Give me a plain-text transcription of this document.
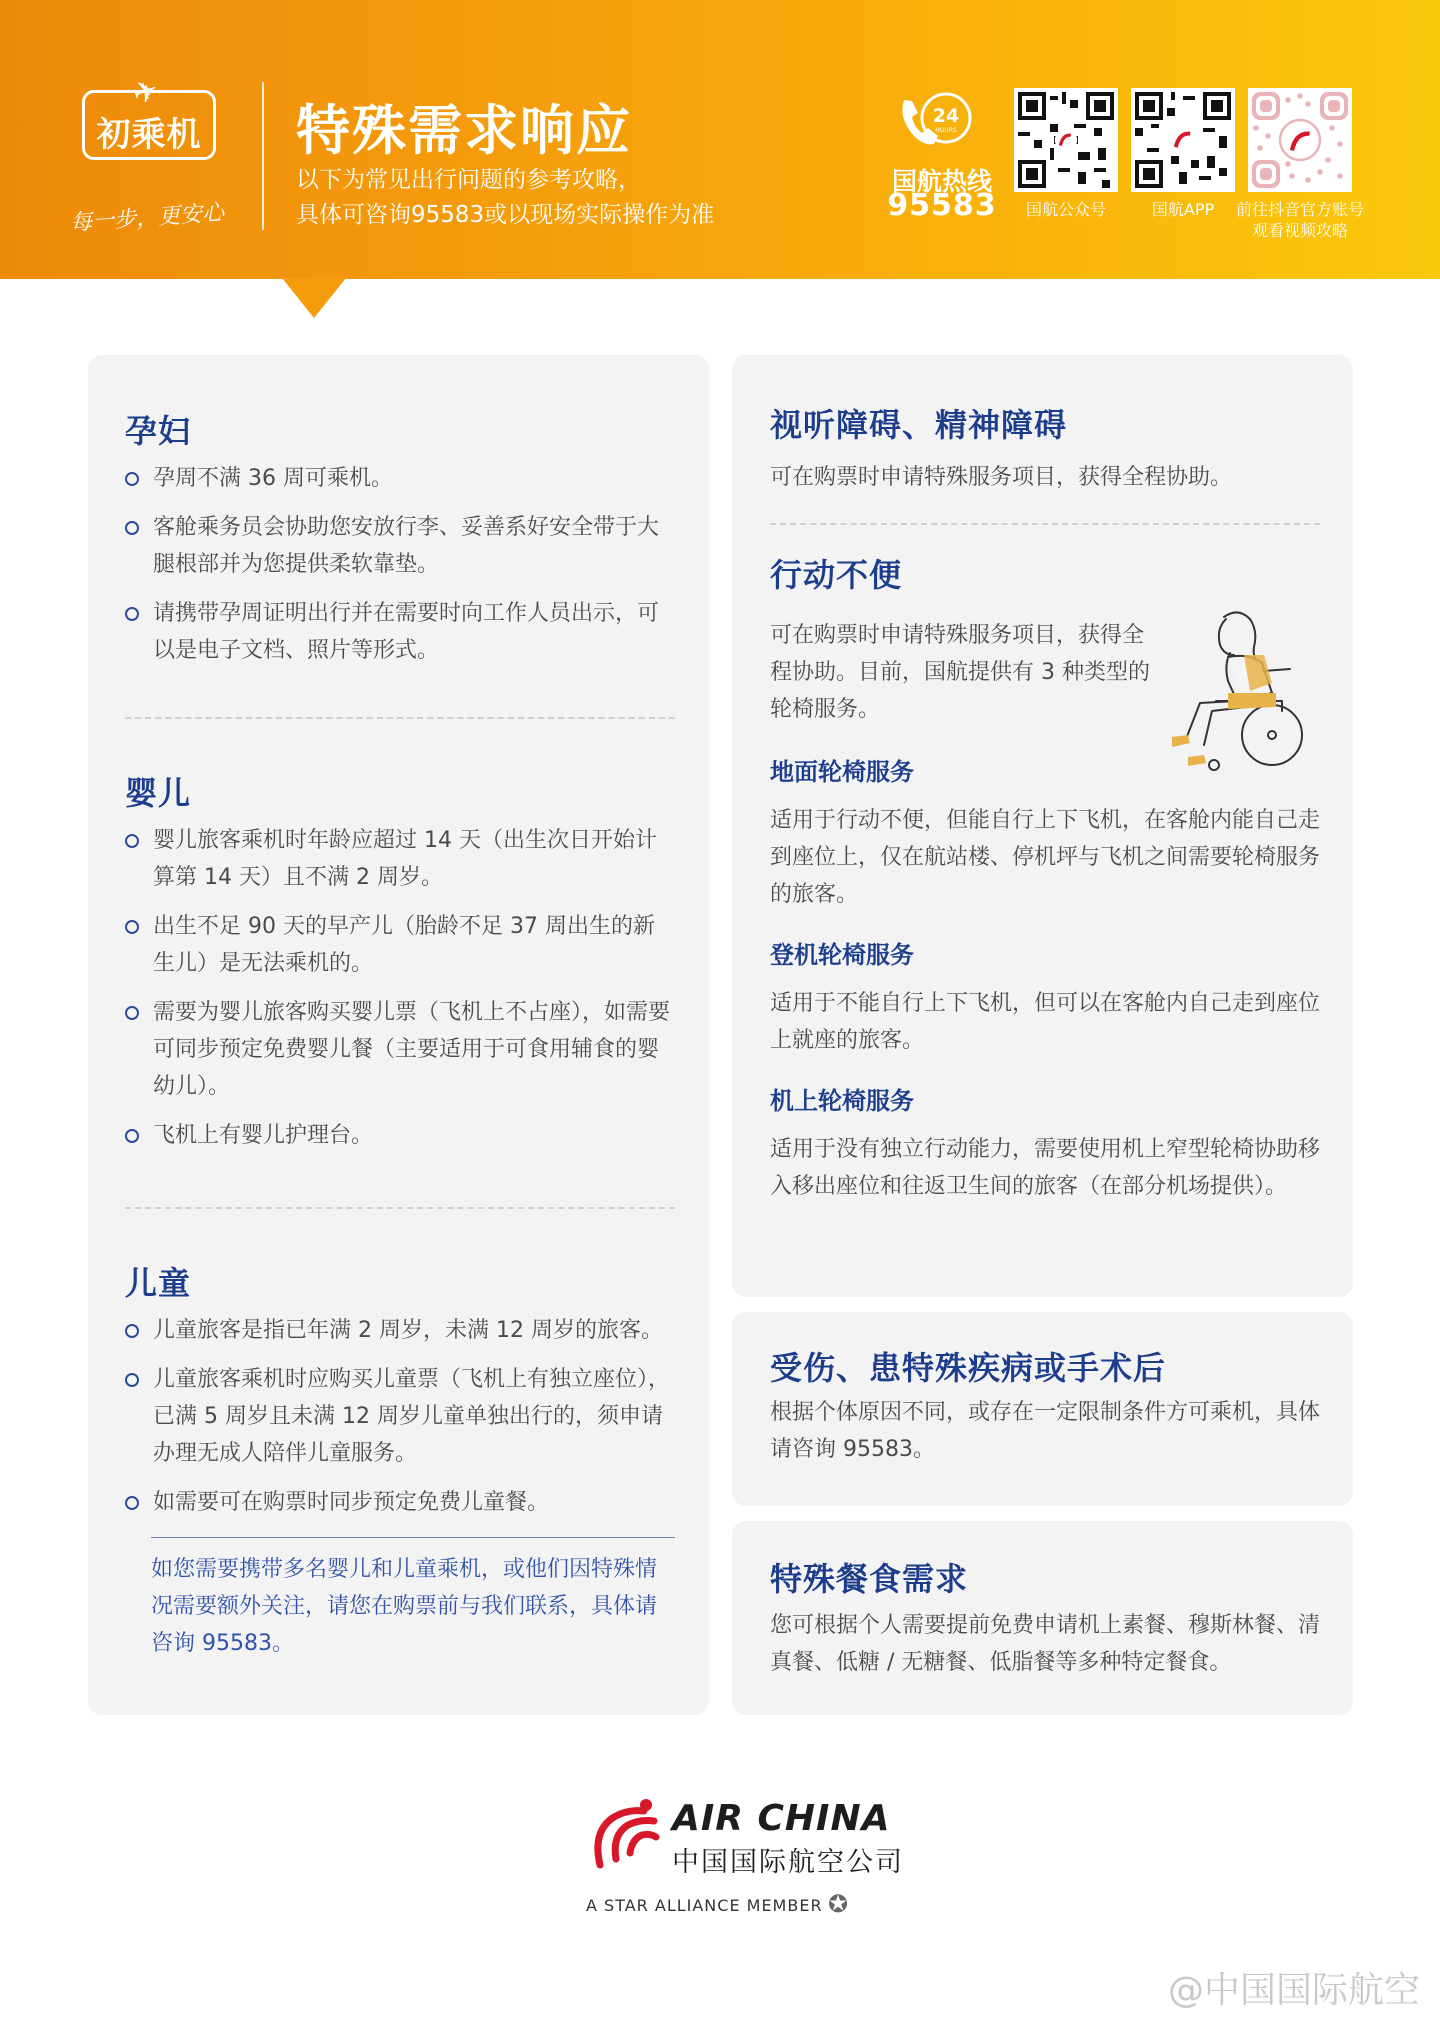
✈
初乘机
每一步，更安心
特殊需求响应
以下为常见出行问题的参考攻略，
具体可咨询95583或以现场实际操作为准
24
HOURS
国航热线
95583	国航公众号	国航APP	前往抖音官方账号
观看视频攻略
孕妇
孕周不满 36 周可乘机。
客舱乘务员会协助您安放行李、妥善系好安全带于大腿根部并为您提供柔软靠垫。
请携带孕周证明出行并在需要时向工作人员出示，可以是电子文档、照片等形式。
婴儿
婴儿旅客乘机时年龄应超过 14 天（出生次日开始计算第 14 天）且不满 2 周岁。
出生不足 90 天的早产儿（胎龄不足 37 周出生的新生儿）是无法乘机的。
需要为婴儿旅客购买婴儿票（飞机上不占座），如需要可同步预定免费婴儿餐（主要适用于可食用辅食的婴幼儿）。
飞机上有婴儿护理台。
儿童
儿童旅客是指已年满 2 周岁，未满 12 周岁的旅客。
儿童旅客乘机时应购买儿童票（飞机上有独立座位），已满 5 周岁且未满 12 周岁儿童单独出行的，须申请办理无成人陪伴儿童服务。
如需要可在购票时同步预定免费儿童餐。
如您需要携带多名婴儿和儿童乘机，或他们因特殊情况需要额外关注，请您在购票前与我们联系，具体请咨询 95583。
视听障碍、精神障碍
可在购票时申请特殊服务项目，获得全程协助。
行动不便
可在购票时申请特殊服务项目，获得全程协助。目前，国航提供有 3 种类型的轮椅服务。
地面轮椅服务
适用于行动不便，但能自行上下飞机，在客舱内能自己走到座位上，仅在航站楼、停机坪与飞机之间需要轮椅服务的旅客。
登机轮椅服务
适用于不能自行上下飞机，但可以在客舱内自己走到座位上就座的旅客。
机上轮椅服务
适用于没有独立行动能力，需要使用机上窄型轮椅协助移入移出座位和往返卫生间的旅客（在部分机场提供）。
受伤、患特殊疾病或手术后
根据个体原因不同，或存在一定限制条件方可乘机，具体请咨询 95583。
特殊餐食需求
您可根据个人需要提前免费申请机上素餐、穆斯林餐、清真餐、低糖 / 无糖餐、低脂餐等多种特定餐食。
AIR CHINA
中国国际航空公司
A STAR ALLIANCE MEMBER ✪
@中国国际航空
